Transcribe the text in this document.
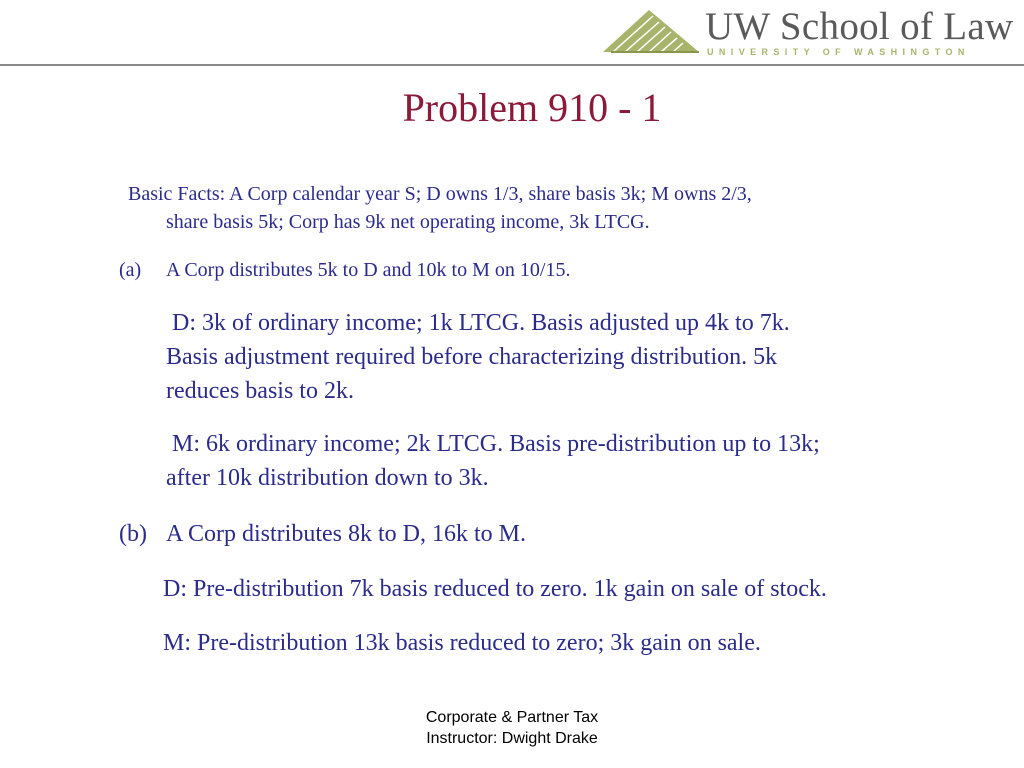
UW School of Law
UNIVERSITY OF WASHINGTON
Problem 910 - 1
Basic Facts: A Corp calendar year S; D owns 1/3, share basis 3k; M owns 2/3,
share basis 5k; Corp has 9k net operating income, 3k LTCG.
(a) A Corp distributes 5k to D and 10k to M on 10/15.
D: 3k of ordinary income; 1k LTCG. Basis adjusted up 4k to 7k.
Basis adjustment required before characterizing distribution. 5k
reduces basis to 2k.
M: 6k ordinary income; 2k LTCG. Basis pre-distribution up to 13k;
after 10k distribution down to 3k.
(b) A Corp distributes 8k to D, 16k to M.
D: Pre-distribution 7k basis reduced to zero. 1k gain on sale of stock.
M: Pre-distribution 13k basis reduced to zero; 3k gain on sale.
Corporate & Partner Tax
Instructor: Dwight Drake
